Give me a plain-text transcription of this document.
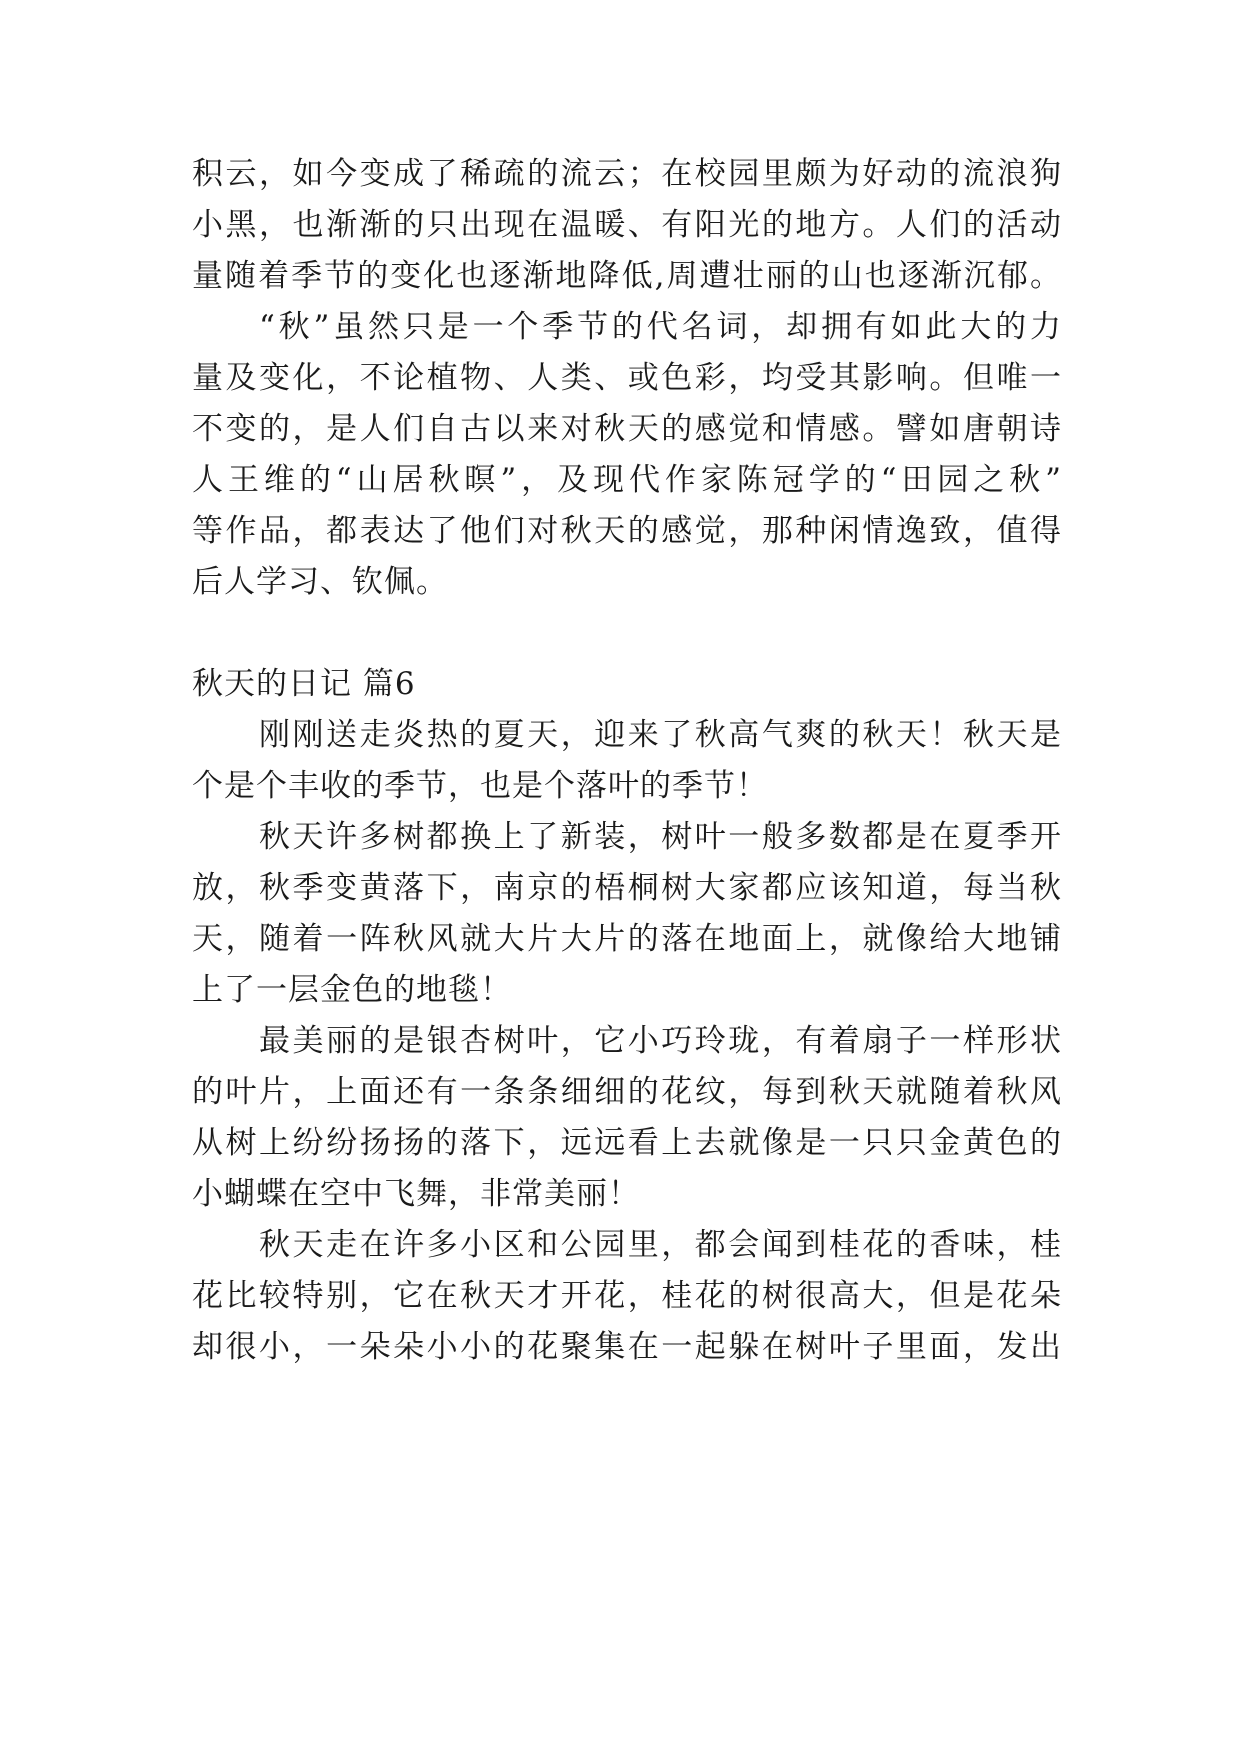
积云，如今变成了稀疏的流云；在校园里颇为好动的流浪狗
小黑，也渐渐的只出现在温暖、有阳光的地方。人们的活动
量随着季节的变化也逐渐地降低,周遭壮丽的山也逐渐沉郁。
“秋”虽然只是一个季节的代名词，却拥有如此大的力
量及变化，不论植物、人类、或色彩，均受其影响。但唯一
不变的，是人们自古以来对秋天的感觉和情感。譬如唐朝诗
人王维的“山居秋暝”，及现代作家陈冠学的“田园之秋”
等作品，都表达了他们对秋天的感觉，那种闲情逸致，值得
后人学习、钦佩。
秋天的日记 篇6
刚刚送走炎热的夏天，迎来了秋高气爽的秋天！秋天是
个是个丰收的季节，也是个落叶的季节！
秋天许多树都换上了新装，树叶一般多数都是在夏季开
放，秋季变黄落下，南京的梧桐树大家都应该知道，每当秋
天，随着一阵秋风就大片大片的落在地面上，就像给大地铺
上了一层金色的地毯！
最美丽的是银杏树叶，它小巧玲珑，有着扇子一样形状
的叶片，上面还有一条条细细的花纹，每到秋天就随着秋风
从树上纷纷扬扬的落下，远远看上去就像是一只只金黄色的
小蝴蝶在空中飞舞，非常美丽！
秋天走在许多小区和公园里，都会闻到桂花的香味，桂
花比较特别，它在秋天才开花，桂花的树很高大，但是花朵
却很小，一朵朵小小的花聚集在一起躲在树叶子里面，发出
